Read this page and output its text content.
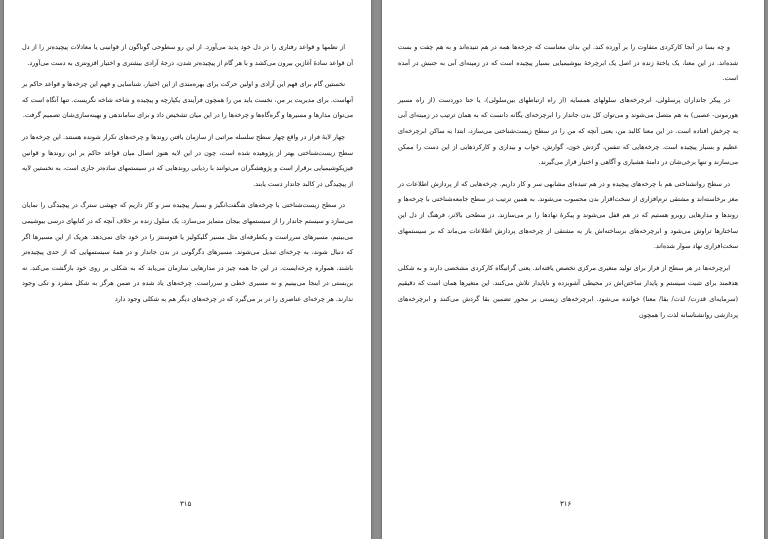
از نظمها و قواعد رفتاری را در دل خود پدید می‌آورد. از این رو سطوحی گوناگون از قوانینی یا معادلات پیچیده‌تر را از دل آن قواعد سادهٔ آغازین بیرون می‌کشد و با هر گام از پیچیده‌تر شدن، درجهٔ آزادی بیشتری و اختیار افزونتری به دست می‌آورد.

نخستین گام برای فهم این آزادی و اولین حرکت برای بهره‌مندی از این اختیار، شناسایی و فهم این چرخه‌ها و قواعد حاکم بر آنهاست. برای مدیریت بر من، نخست باید من را همچون فرآیندی یکپارچه و پیچیده و شاخه شاخه نگریست. تنها آنگاه است که می‌توان مدارها و مسیرها و گره‌گاه‌ها و چرخه‌ها را در این میان تشخیص داد و برای ساماندهی و بهینه‌سازی‌شان تصمیم گرفت.

چهار لایهٔ فراز در واقع چهار سطح سلسله مراتبی از سازمان یافتن روندها و چرخه‌های تکرار شونده هستند. این چرخه‌ها در سطح زیست‌شناختی بهتر از پژوهیده شده است، چون در این لایه هنوز اتصال میان قواعد حاکم بر این روندها و قوانین فیزیکوشیمیایی برقرار است و پژوهشگران می‌توانند با ردیابی روندهایی که در سیستمهای ساده‌تر جاری است، به نخستین لایه از پیچیدگی در کالبد جاندار دست یابند.

در سطح زیست‌شناختی با چرخه‌های شگفت‌انگیز و بسیار پیچیده سر و کار داریم که جهشی سترگ در پیچیدگی را نمایان می‌سازد و سیستم جاندار را از سیستمهای بیجان متمایز می‌سازد. یک سلول زنده بر خلاف آنچه که در کتابهای درسی بیوشیمی می‌بینیم، مسیرهای سرراست و یکطرفه‌ای مثل مسیر گلیکولیز یا فتوسنتز را در خود جای نمی‌دهد. هریک از این مسیرها اگر که دنبال شوند، به چرخه‌ای تبدیل می‌شوند. مسیرهای دگرگونی در بدن جاندار و در همهٔ سیستمهایی که از حدی پیچیده‌تر باشند، همواره چرخه‌ایست. در این جا همه چیز در مدارهایی سازمان می‌یابد که به شکلی بر روی خود بازگشت می‌کند. نه بن‌بستی در اینجا می‌بینیم و نه مسیری خطی و سرراست. چرخه‌های یاد شده در ضمن هرگز به شکل منفرد و تکی وجود ندارند. هر چرخه‌ای عناصری را در بر می‌گیرد که در چرخه‌های دیگر هم به شکلی وجود دارد

۳۱۵

و چه بسا در آنجا کارکردی متفاوت را بر آورده کند. این بدان معناست که چرخه‌ها همه در هم تنیده‌اند و به هم چفت و بست شده‌اند. در این معنا، یک یاختهٔ زنده در اصل یک ابرچرخهٔ بیوشیمیایی بسیار پیچیده است که در زمینه‌ای آبی به جنبش در آمده است.

در پیکر جانداران پرسلولی، ابرچرخه‌های سلولهای همسایه (از راه ارتباطهای بین‌سلولی)، یا حتا دوردست (از راه مسیر هورمونی- عصبی) به هم متصل می‌شوند و می‌توان کل بدن جاندار را ابرچرخه‌ای یگانه دانست که به همان ترتیب در زمینه‌ای آبی به چرخش افتاده است. در این معنا کالبد من، یعنی آنچه که من را در سطح زیست‌شناختی می‌سازد، ابتدا به ساکن ابرچرخه‌ای عظیم و بسیار پیچیده است. چرخه‌هایی که تنفس، گردش خون، گوارش، خواب و بیداری و کارکردهایی از این دست را ممکن می‌سازند و تنها برخی‌شان در دامنهٔ هشیاری و آگاهی و اختیار قرار می‌گیرند.

در سطح روانشناختی هم با چرخه‌های پیچیده و در هم تنیده‌ای مشابهی سر و کار داریم. چرخه‌هایی که از پردازش اطلاعات در مغز برخاسته‌اند و مشتقی نرم‌افزاری از سخت‌افزار بدن محسوب می‌شوند. به همین ترتیب در سطح جامعه‌شناختی با چرخه‌ها و روندها و مدارهایی روبرو هستیم که در هم قفل می‌شوند و پیکرهٔ نهادها را بر می‌سازند. در سطحی بالاتر، فرهنگ از دل این ساختارها تراوش می‌شود و ابرچرخه‌های برساخته‌اش باز به مشتقی از چرخه‌های پردازش اطلاعات می‌ماند که بر سیستمهای سخت‌افزاری نهاد سوار شده‌اند.

ابرچرخه‌ها در هر سطح از فراز برای تولید متغیری مرکزی تخصص یافته‌اند. یعنی گرانیگاه کارکردی مشخصی دارند و به شکلی هدفمند برای تثبیت سیستم و پایدار ساختن‌اش در محیطی آشوبزده و ناپایدار تلاش می‌کنند. این متغیرها همان است که دقیقیم (سرمایه‌ای قدرت/ لذت/ بقا/ معنا) خوانده می‌شود. ابرچرخه‌های زیستی بر محور تضمین بقا گردش می‌کنند و ابرچرخه‌های پردازشی روانشناسانه لذت را همچون

۳۱۶
